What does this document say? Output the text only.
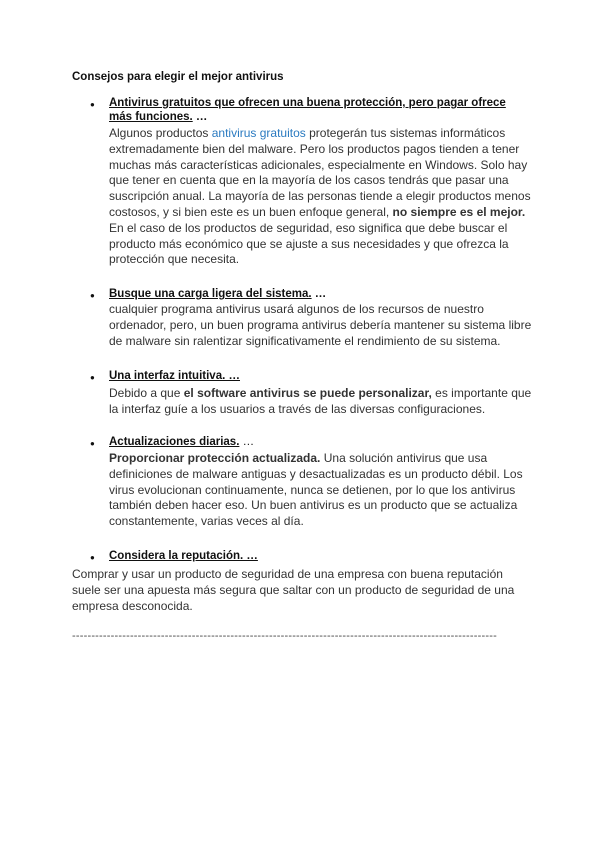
Consejos para elegir el mejor antivirus
●
Antivirus gratuitos que ofrecen una buena protección, pero pagar ofrece más funciones. …
Algunos productos antivirus gratuitos protegerán tus sistemas informáticos extremadamente bien del malware. Pero los productos pagos tienden a tener muchas más características adicionales, especialmente en Windows. Solo hay que tener en cuenta que en la mayoría de los casos tendrás que pasar una suscripción anual. La mayoría de las personas tiende a elegir productos menos costosos, y si bien este es un buen enfoque general, no siempre es el mejor. En el caso de los productos de seguridad, eso significa que debe buscar el producto más económico que se ajuste a sus necesidades y que ofrezca la protección que necesita.
●
Busque una carga ligera del sistema. …
cualquier programa antivirus usará algunos de los recursos de nuestro ordenador, pero, un buen programa antivirus debería mantener su sistema libre de malware sin ralentizar significativamente el rendimiento de su sistema.
●
Una interfaz intuitiva. …
Debido a que el software antivirus se puede personalizar, es importante que la interfaz guíe a los usuarios a través de las diversas configuraciones.
●
Actualizaciones diarias. …
Proporcionar protección actualizada. Una solución antivirus que usa definiciones de malware antiguas y desactualizadas es un producto débil. Los virus evolucionan continuamente, nunca se detienen, por lo que los antivirus también deben hacer eso. Un buen antivirus es un producto que se actualiza constantemente, varias veces al día.
●
Considera la reputación. …
Comprar y usar un producto de seguridad de una empresa con buena reputación suele ser una apuesta más segura que saltar con un producto de seguridad de una empresa desconocida.
--------------------------------------------------------------------------------------------------------------
